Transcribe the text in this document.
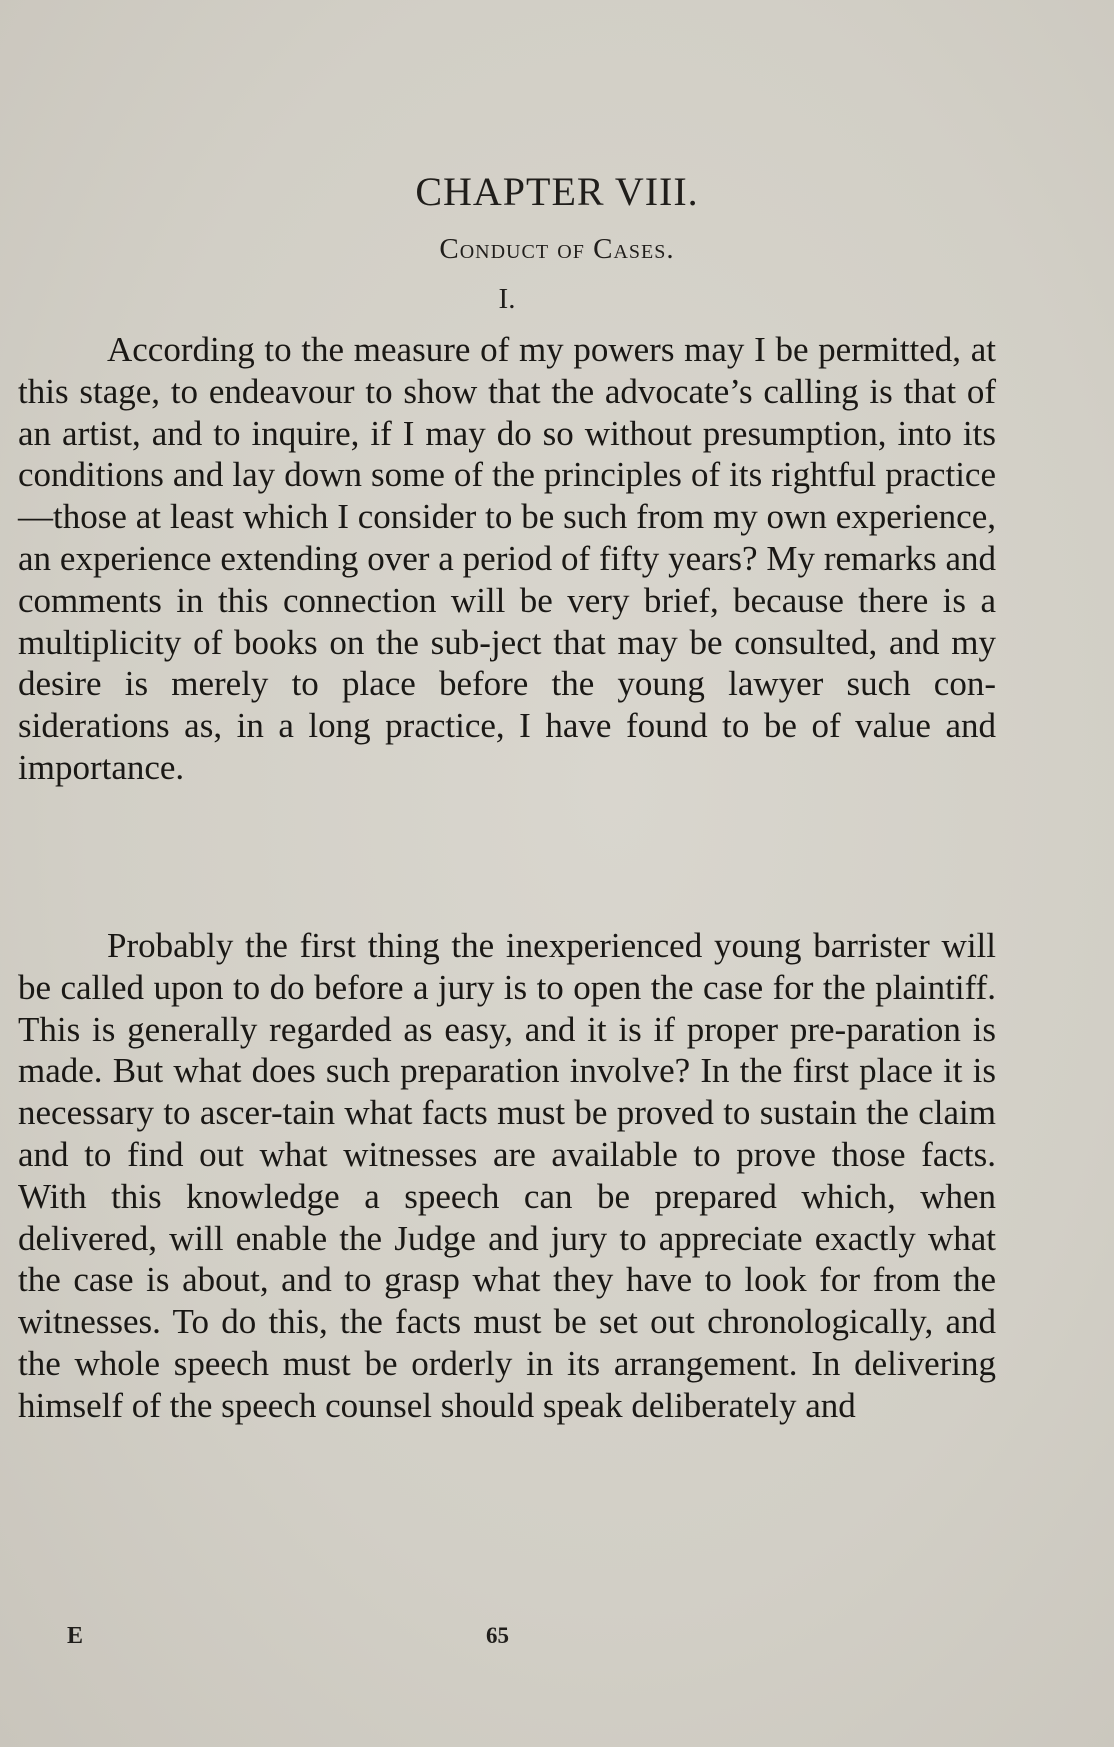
CHAPTER VIII.
Conduct of Cases.
I.

According to the measure of my powers may I be permitted, at this stage, to endeavour to show that the advocate’s calling is that of an artist, and to inquire, if I may do so without presumption, into its conditions and lay down some of the principles of its rightful practice—those at least which I consider to be such from my own experience, an experience extending over a period of fifty years? My remarks and comments in this connection will be very brief, because there is a multiplicity of books on the sub-ject that may be consulted, and my desire is merely to place before the young lawyer such con-siderations as, in a long practice, I have found to be of value and importance.

Probably the first thing the inexperienced young barrister will be called upon to do before a jury is to open the case for the plaintiff. This is generally regarded as easy, and it is if proper pre-paration is made. But what does such preparation involve? In the first place it is necessary to ascer-tain what facts must be proved to sustain the claim and to find out what witnesses are available to prove those facts. With this knowledge a speech can be prepared which, when delivered, will enable the Judge and jury to appreciate exactly what the case is about, and to grasp what they have to look for from the witnesses. To do this, the facts must be set out chronologically, and the whole speech must be orderly in its arrangement. In delivering himself of the speech counsel should speak deliberately and

E	65
